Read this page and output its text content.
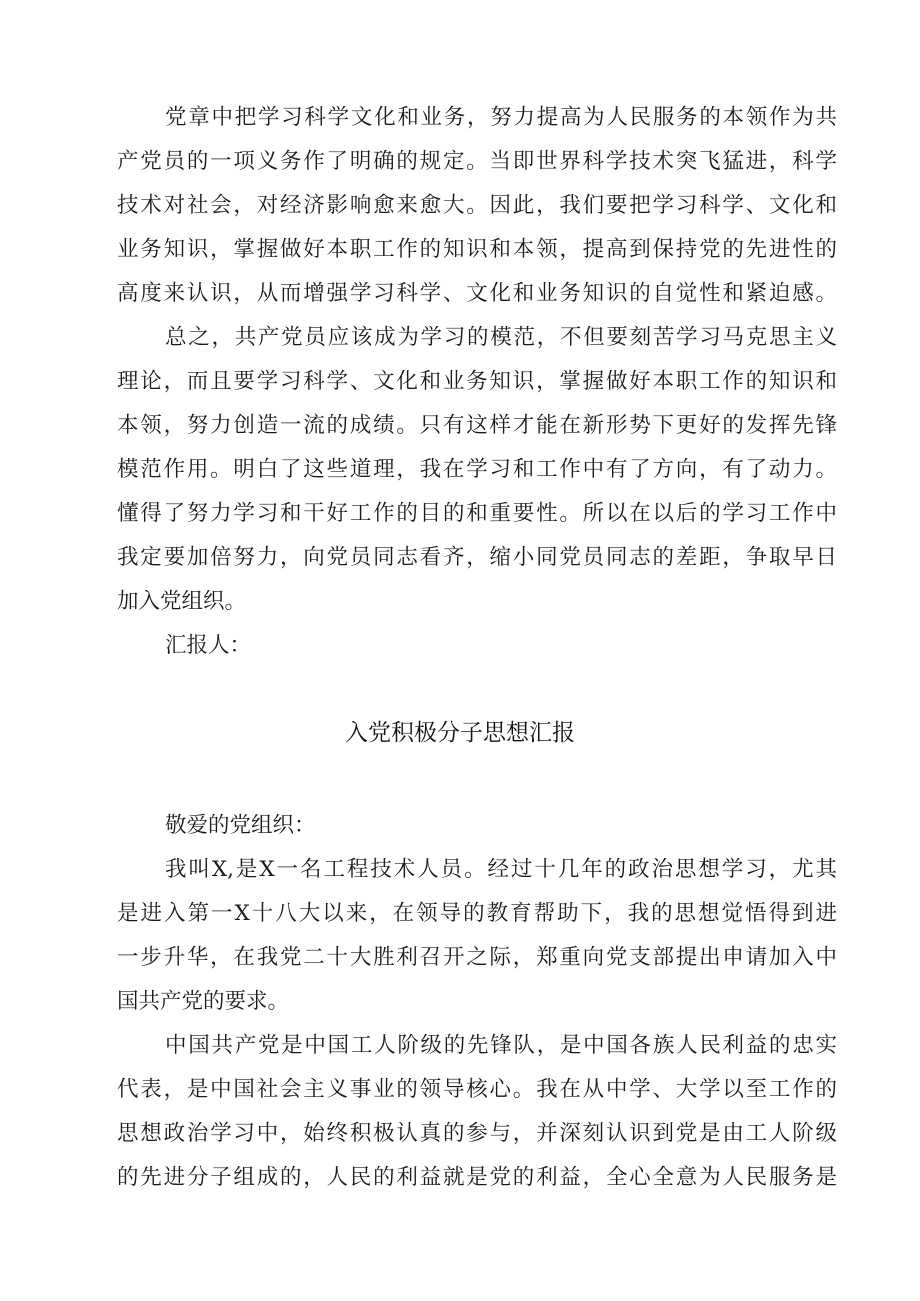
党章中把学习科学文化和业务，努力提高为人民服务的本领作为共
产党员的一项义务作了明确的规定。当即世界科学技术突飞猛进，科学
技术对社会，对经济影响愈来愈大。因此，我们要把学习科学、文化和
业务知识，掌握做好本职工作的知识和本领，提高到保持党的先进性的
高度来认识，从而增强学习科学、文化和业务知识的自觉性和紧迫感。
总之，共产党员应该成为学习的模范，不但要刻苦学习马克思主义
理论，而且要学习科学、文化和业务知识，掌握做好本职工作的知识和
本领，努力创造一流的成绩。只有这样才能在新形势下更好的发挥先锋
模范作用。明白了这些道理，我在学习和工作中有了方向，有了动力。
懂得了努力学习和干好工作的目的和重要性。所以在以后的学习工作中
我定要加倍努力，向党员同志看齐，缩小同党员同志的差距，争取早日
加入党组织。
汇报人：
入党积极分子思想汇报
敬爱的党组织：
我叫X,是X一名工程技术人员。经过十几年的政治思想学习，尤其
是进入第一X十八大以来，在领导的教育帮助下，我的思想觉悟得到进
一步升华，在我党二十大胜利召开之际，郑重向党支部提出申请加入中
国共产党的要求。
中国共产党是中国工人阶级的先锋队，是中国各族人民利益的忠实
代表，是中国社会主义事业的领导核心。我在从中学、大学以至工作的
思想政治学习中，始终积极认真的参与，并深刻认识到党是由工人阶级
的先进分子组成的，人民的利益就是党的利益，全心全意为人民服务是
